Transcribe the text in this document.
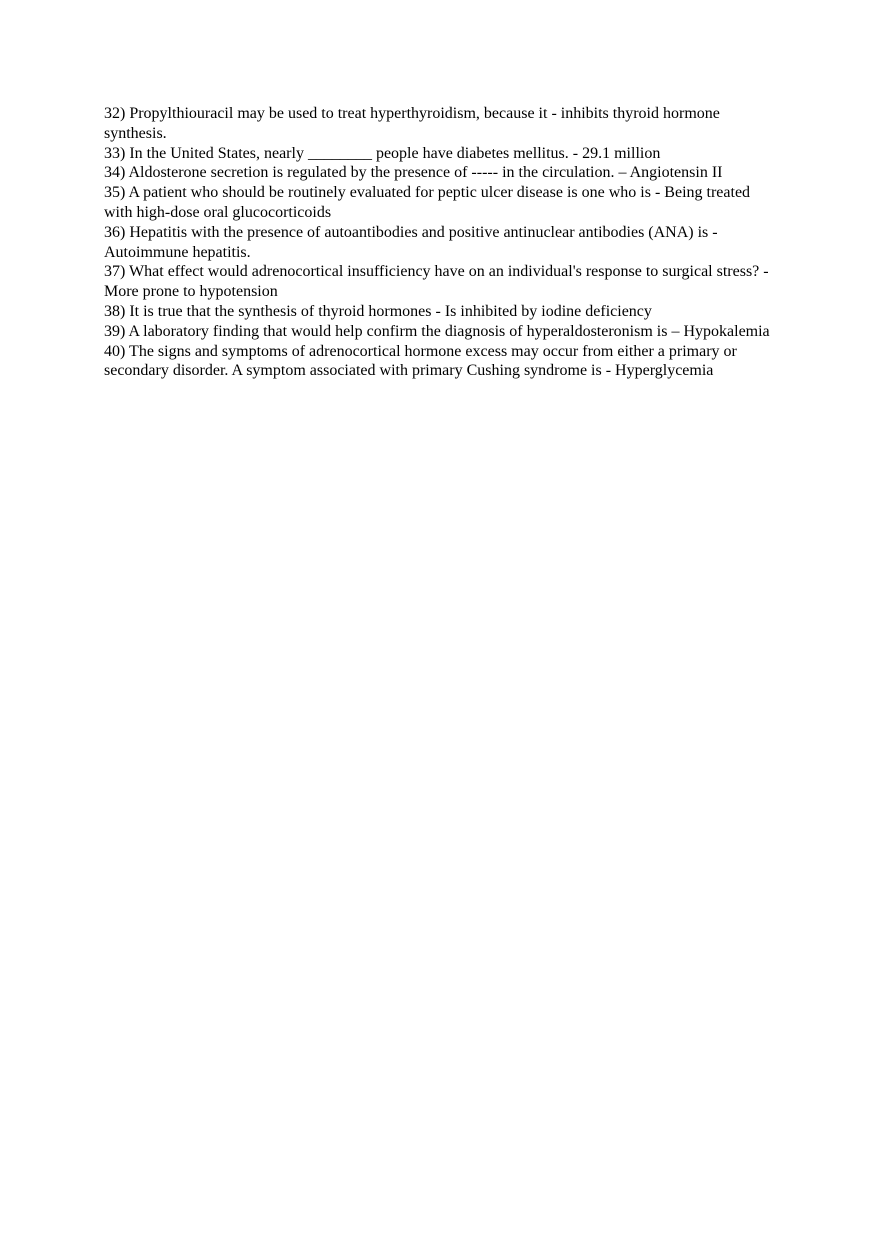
32) Propylthiouracil may be used to treat hyperthyroidism, because it - inhibits thyroid hormone synthesis.

33) In the United States, nearly ________ people have diabetes mellitus. - 29.1 million

34) Aldosterone secretion is regulated by the presence of ----- in the circulation. – Angiotensin II

35) A patient who should be routinely evaluated for peptic ulcer disease is one who is - Being treated with high-dose oral glucocorticoids

36) Hepatitis with the presence of autoantibodies and positive antinuclear antibodies (ANA) is - Autoimmune hepatitis.

37) What effect would adrenocortical insufficiency have on an individual's response to surgical stress? - More prone to hypotension

38) It is true that the synthesis of thyroid hormones - Is inhibited by iodine deficiency

39) A laboratory finding that would help confirm the diagnosis of hyperaldosteronism is – Hypokalemia

40) The signs and symptoms of adrenocortical hormone excess may occur from either a primary or secondary disorder. A symptom associated with primary Cushing syndrome is - Hyperglycemia
